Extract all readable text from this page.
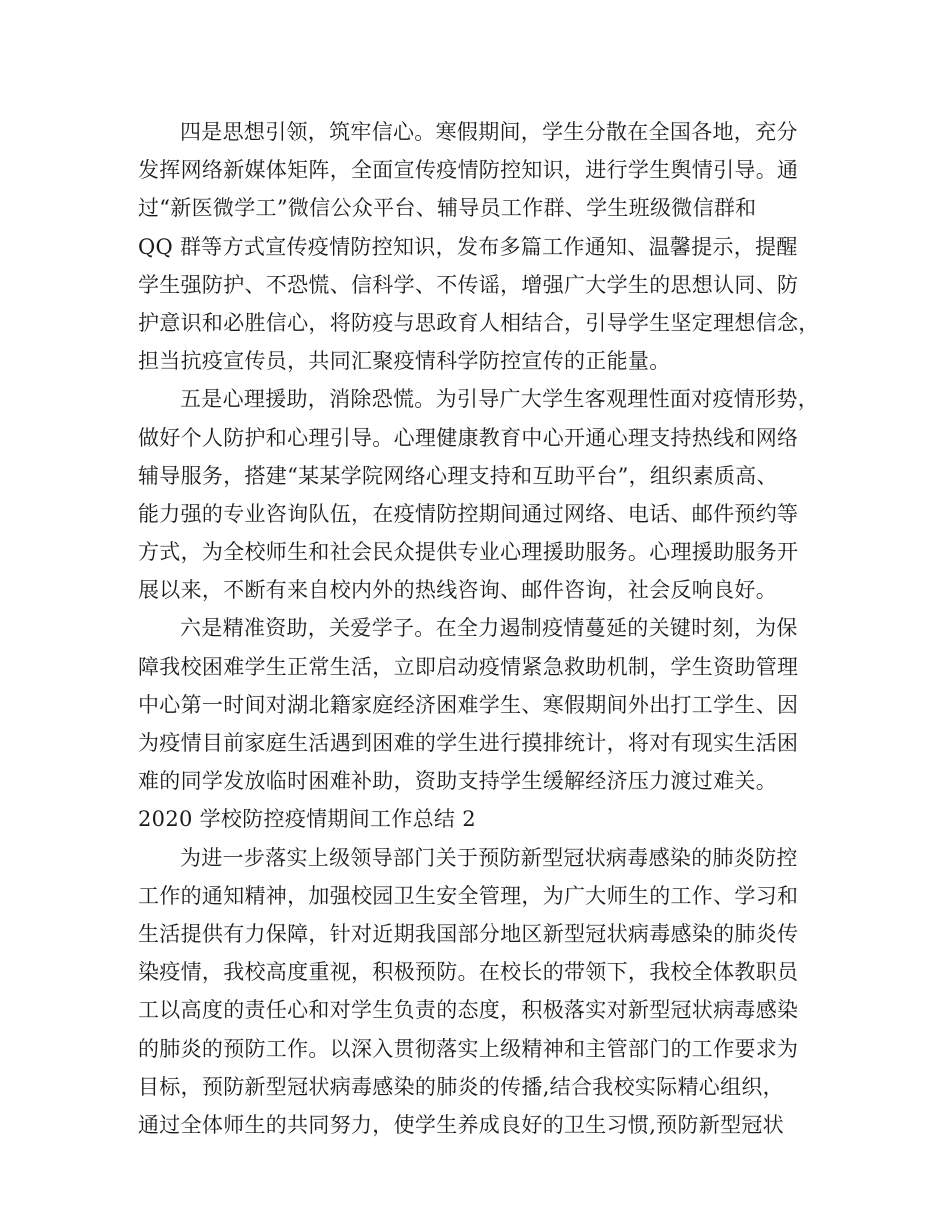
四是思想引领，筑牢信心。寒假期间，学生分散在全国各地，充分
发挥网络新媒体矩阵，全面宣传疫情防控知识，进行学生舆情引导。通
过“新医微学工”微信公众平台、辅导员工作群、学生班级微信群和
QQ 群等方式宣传疫情防控知识，发布多篇工作通知、温馨提示，提醒
学生强防护、不恐慌、信科学、不传谣，增强广大学生的思想认同、防
护意识和必胜信心，将防疫与思政育人相结合，引导学生坚定理想信念，
担当抗疫宣传员，共同汇聚疫情科学防控宣传的正能量。
五是心理援助，消除恐慌。为引导广大学生客观理性面对疫情形势，
做好个人防护和心理引导。心理健康教育中心开通心理支持热线和网络
辅导服务，搭建“某某学院网络心理支持和互助平台”，组织素质高、
能力强的专业咨询队伍，在疫情防控期间通过网络、电话、邮件预约等
方式，为全校师生和社会民众提供专业心理援助服务。心理援助服务开
展以来，不断有来自校内外的热线咨询、邮件咨询，社会反响良好。
六是精准资助，关爱学子。在全力遏制疫情蔓延的关键时刻，为保
障我校困难学生正常生活，立即启动疫情紧急救助机制，学生资助管理
中心第一时间对湖北籍家庭经济困难学生、寒假期间外出打工学生、因
为疫情目前家庭生活遇到困难的学生进行摸排统计，将对有现实生活困
难的同学发放临时困难补助，资助支持学生缓解经济压力渡过难关。
2020 学校防控疫情期间工作总结 2
为进一步落实上级领导部门关于预防新型冠状病毒感染的肺炎防控
工作的通知精神，加强校园卫生安全管理，为广大师生的工作、学习和
生活提供有力保障，针对近期我国部分地区新型冠状病毒感染的肺炎传
染疫情，我校高度重视，积极预防。在校长的带领下，我校全体教职员
工以高度的责任心和对学生负责的态度，积极落实对新型冠状病毒感染
的肺炎的预防工作。以深入贯彻落实上级精神和主管部门的工作要求为
目标，预防新型冠状病毒感染的肺炎的传播,结合我校实际精心组织，
通过全体师生的共同努力，使学生养成良好的卫生习惯,预防新型冠状
